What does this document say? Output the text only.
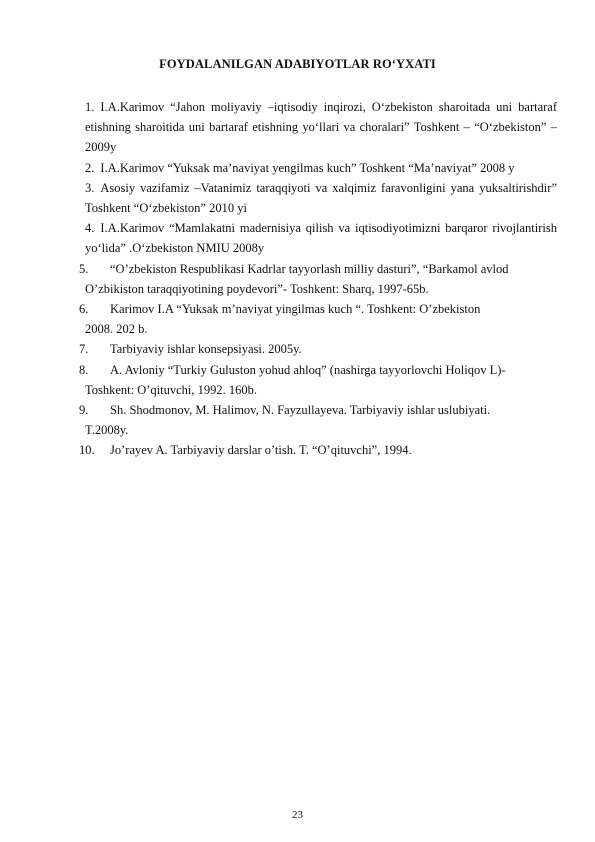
FOYDALANILGAN ADABIYOTLAR RO‘YXATI

1. I.A.Karimov “Jahon moliyaviy –iqtisodiy inqirozi, O‘zbekiston sharoitada uni bartaraf etishning sharoitida uni bartaraf etishning yo‘llari va choralari” Toshkent – “O‘zbekiston” – 2009y

2. I.A.Karimov “Yuksak ma’naviyat yengilmas kuch” Toshkent “Ma’naviyat” 2008 y

3. Asosiy vazifamiz –Vatanimiz taraqqiyoti va xalqimiz faravonligini yana yuksaltirishdir” Toshkent “O‘zbekiston” 2010 yi

4. I.A.Karimov “Mamlakatni madernisiya qilish va iqtisodiyotimizni barqaror rivojlantirish yo‘lida” .O‘zbekiston NMIU 2008y

5.	“O’zbekiston Respublikasi Kadrlar tayyorlash milliy dasturi”, “Barkamol avlod
O’zbikiston taraqqiyotining poydevori”- Toshkent: Sharq, 1997-65b.
6.	Karimov I.A “Yuksak m’naviyat yingilmas kuch “. Toshkent: O’zbekiston
2008. 202 b.
7.	Tarbiyaviy ishlar konsepsiyasi. 2005y.
8.	A. Avloniy “Turkiy Guluston yohud ahloq” (nashirga tayyorlovchi Holiqov L)-
Toshkent: O’qituvchi, 1992. 160b.
9.	Sh. Shodmonov, M. Halimov, N. Fayzullayeva. Tarbiyaviy ishlar uslubiyati.
T.2008y.
10.	Jo’rayev A. Tarbiyaviy darslar o’tish. T. “O’qituvchi”, 1994.
23
